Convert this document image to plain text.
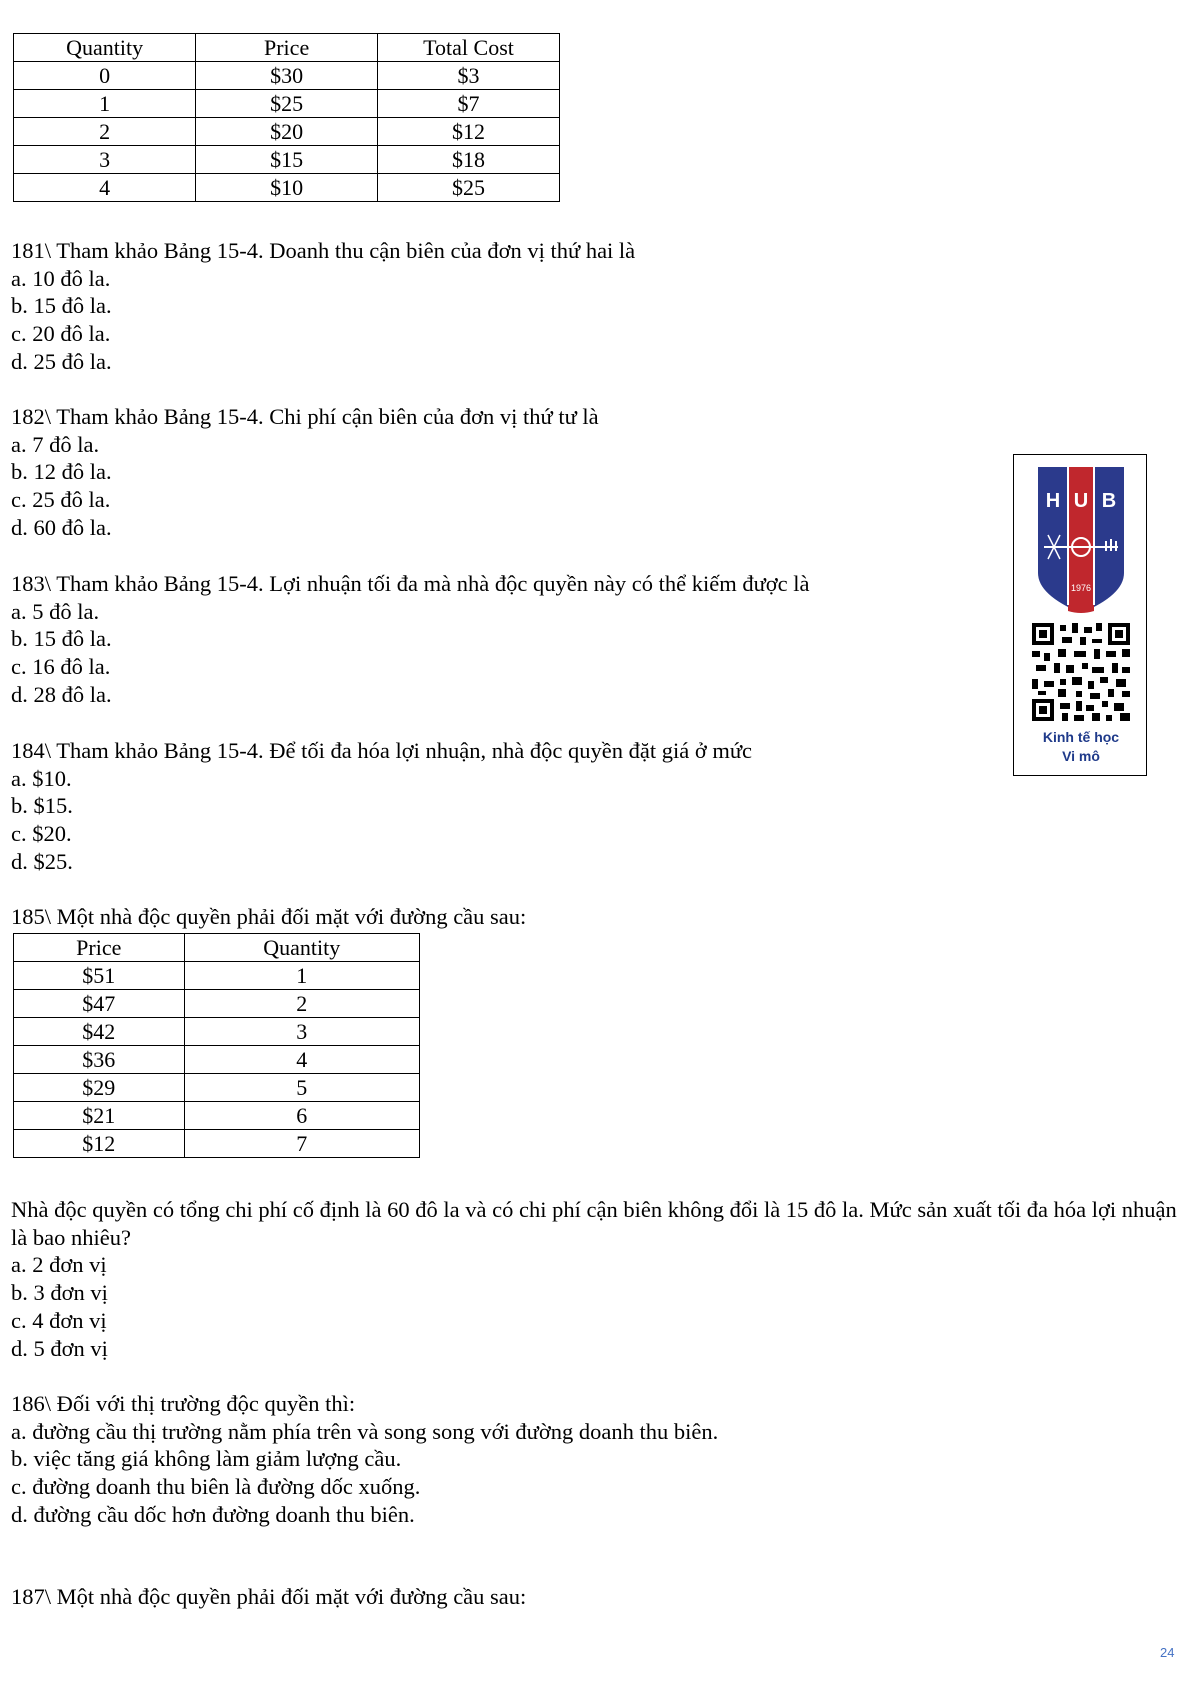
Quantity	Price	Total Cost
0	$30	$3
1	$25	$7
2	$20	$12
3	$15	$18
4	$10	$25
181\ Tham khảo Bảng 15-4. Doanh thu cận biên của đơn vị thứ hai là
a. 10 đô la.
b. 15 đô la.
c. 20 đô la.
d. 25 đô la.
182\ Tham khảo Bảng 15-4. Chi phí cận biên của đơn vị thứ tư là
a. 7 đô la.
b. 12 đô la.
c. 25 đô la.
d. 60 đô la.
183\ Tham khảo Bảng 15-4. Lợi nhuận tối đa mà nhà độc quyền này có thể kiếm được là
a. 5 đô la.
b. 15 đô la.
c. 16 đô la.
d. 28 đô la.
184\ Tham khảo Bảng 15-4. Để tối đa hóa lợi nhuận, nhà độc quyền đặt giá ở mức
a. $10.
b. $15.
c. $20.
d. $25.
185\ Một nhà độc quyền phải đối mặt với đường cầu sau:
Price	Quantity
$51	1
$47	2
$42	3
$36	4
$29	5
$21	6
$12	7
Nhà độc quyền có tổng chi phí cố định là 60 đô la và có chi phí cận biên không đổi là 15 đô la. Mức sản xuất tối đa hóa lợi nhuận là bao nhiêu?
a. 2 đơn vị
b. 3 đơn vị
c. 4 đơn vị
d. 5 đơn vị
186\ Đối với thị trường độc quyền thì:
a. đường cầu thị trường nằm phía trên và song song với đường doanh thu biên.
b. việc tăng giá không làm giảm lượng cầu.
c. đường doanh thu biên là đường dốc xuống.
d. đường cầu dốc hơn đường doanh thu biên.
187\ Một nhà độc quyền phải đối mặt với đường cầu sau:
H U B
1976
Kinh tế học
Vi mô
24
